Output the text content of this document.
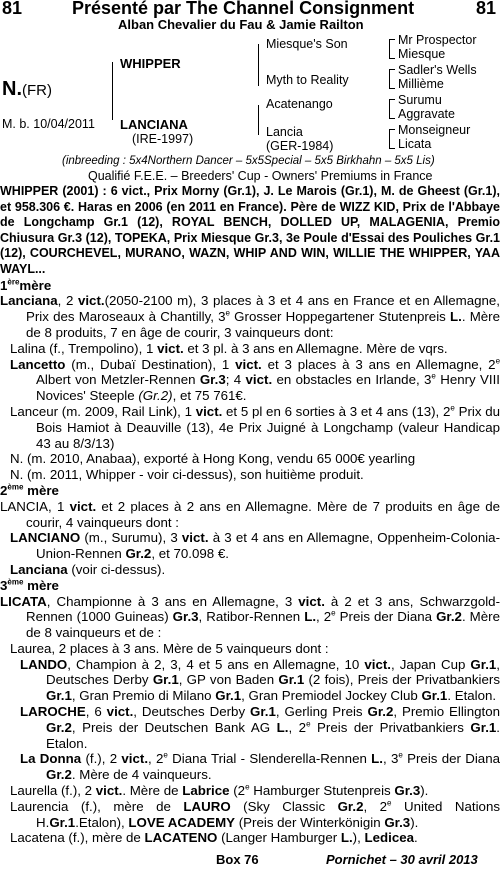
81	Présenté par The Channel Consignment	81
Alban Chevalier du Fau & Jamie Railton
N.(FR)
M. b. 10/04/2011
WHIPPER
LANCIANA
(IRE-1997)
Miesque's Son
Myth to Reality
Acatenango
Lancia
(GER-1984)
Mr Prospector
Miesque
Sadler's Wells
Millième
Surumu
Aggravate
Monseigneur
Licata
(inbreeding : 5x4Northern Dancer – 5x5Special – 5x5 Birkhahn – 5x5 Lis)
Qualifié F.E.E. – Breeders' Cup - Owners' Premiums in France

WHIPPER (2001) : 6 vict., Prix Morny (Gr.1), J. Le Marois (Gr.1), M. de Gheest (Gr.1), et 958.306 €. Haras en 2006 (en 2011 en France). Père de WIZZ KID, Prix de l'Abbaye de Longchamp Gr.1 (12), ROYAL BENCH, DOLLED UP, MALAGENIA, Premio Chiusura Gr.3 (12), TOPEKA, Prix Miesque Gr.3, 3e Poule d'Essai des Pouliches Gr.1 (12), COURCHEVEL, MURANO, WAZN, WHIP AND WIN, WILLIE THE WHIPPER, YAA WAYL...

1èremère

Lanciana, 2 vict.(2050-2100 m), 3 places à 3 et 4 ans en France et en Allemagne, Prix des Maroseaux à Chantilly, 3e Grosser Hoppegartener Stutenpreis L.. Mère de 8 produits, 7 en âge de courir, 3 vainqueurs dont:

Lalina (f., Trempolino), 1 vict. et 3 pl. à 3 ans en Allemagne. Mère de vqrs.

Lancetto (m., Dubaï Destination), 1 vict. et 3 places à 3 ans en Allemagne, 2e Albert von Metzler-Rennen Gr.3; 4 vict. en obstacles en Irlande, 3e Henry VIII Novices' Steeple (Gr.2), et 75 761€.

Lanceur (m. 2009, Rail Link), 1 vict. et 5 pl en 6 sorties à 3 et 4 ans (13), 2e Prix du Bois Hamiot à Deauville (13), 4e Prix Juigné à Longchamp (valeur Handicap 43 au 8/3/13)

N. (m. 2010, Anabaa), exporté à Hong Kong, vendu 65 000€ yearling

N. (m. 2011, Whipper - voir ci-dessus), son huitième produit.

2ème mère

LANCIA, 1 vict. et 2 places à 2 ans en Allemagne. Mère de 7 produits en âge de courir, 4 vainqueurs dont :

LANCIANO (m., Surumu), 3 vict. à 3 et 4 ans en Allemagne, Oppenheim-Colonia-Union-Rennen Gr.2, et 70.098 €.

Lanciana (voir ci-dessus).

3ème mère

LICATA, Championne à 3 ans en Allemagne, 3 vict. à 2 et 3 ans, Schwarzgold-Rennen (1000 Guineas) Gr.3, Ratibor-Rennen L., 2e Preis der Diana Gr.2. Mère de 8 vainqueurs et de :

Laurea, 2 places à 3 ans. Mère de 5 vainqueurs dont :

LANDO, Champion à 2, 3, 4 et 5 ans en Allemagne, 10 vict., Japan Cup Gr.1, Deutsches Derby Gr.1, GP von Baden Gr.1 (2 fois), Preis der Privatbankiers Gr.1, Gran Premio di Milano Gr.1, Gran Premiodel Jockey Club Gr.1. Etalon.

LAROCHE, 6 vict., Deutsches Derby Gr.1, Gerling Preis Gr.2, Premio Ellington Gr.2, Preis der Deutschen Bank AG L., 2e Preis der Privatbankiers Gr.1. Etalon.

La Donna (f.), 2 vict., 2e Diana Trial - Slenderella-Rennen L., 3e Preis der Diana Gr.2. Mère de 4 vainqueurs.

Laurella (f.), 2 vict.. Mère de Labrice (2e Hamburger Stutenpreis Gr.3).

Laurencia (f.), mère de LAURO (Sky Classic Gr.2, 2e United Nations H.Gr.1.Etalon), LOVE ACADEMY (Preis der Winterkönigin Gr.3).

Lacatena (f.), mère de LACATENO (Langer Hamburger L.), Ledicea.

Box 76	Pornichet – 30 avril 2013
